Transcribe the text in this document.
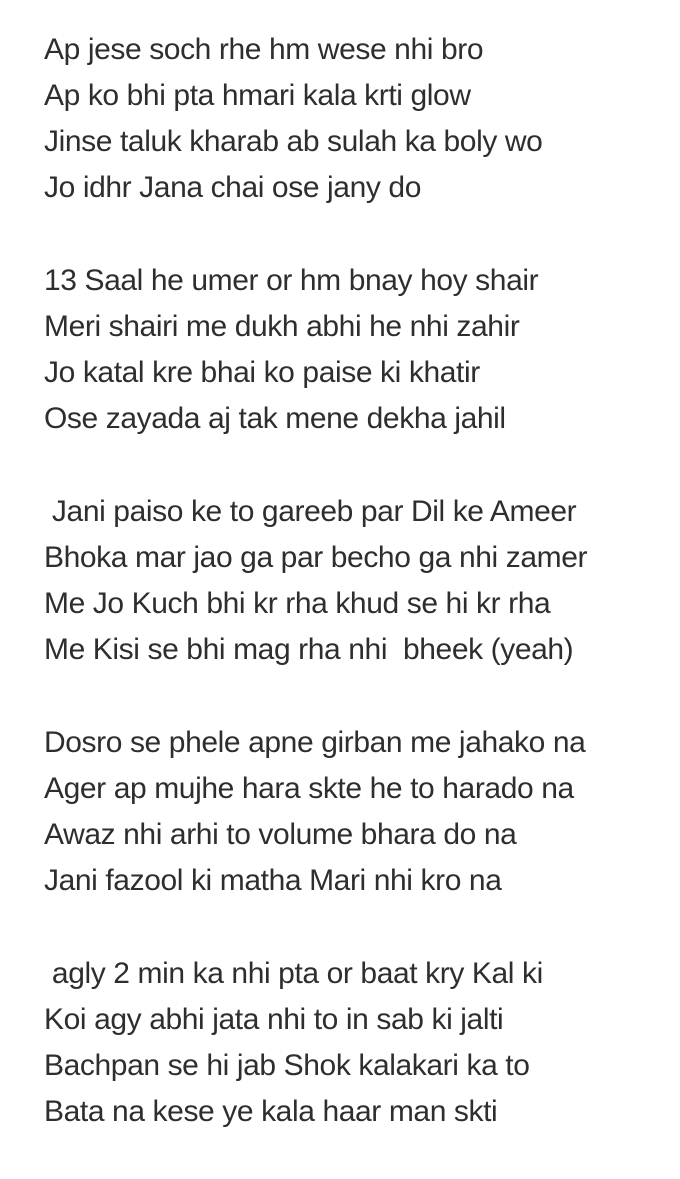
Ap jese soch rhe hm wese nhi bro
Ap ko bhi pta hmari kala krti glow
Jinse taluk kharab ab sulah ka boly wo
Jo idhr Jana chai ose jany do
13 Saal he umer or hm bnay hoy shair
Meri shairi me dukh abhi he nhi zahir
Jo katal kre bhai ko paise ki khatir
Ose zayada aj tak mene dekha jahil
Jani paiso ke to gareeb par Dil ke Ameer
Bhoka mar jao ga par becho ga nhi zamer
Me Jo Kuch bhi kr rha khud se hi kr rha
Me Kisi se bhi mag rha nhi  bheek (yeah)
Dosro se phele apne girban me jahako na
Ager ap mujhe hara skte he to harado na
Awaz nhi arhi to volume bhara do na
Jani fazool ki matha Mari nhi kro na
agly 2 min ka nhi pta or baat kry Kal ki
Koi agy abhi jata nhi to in sab ki jalti
Bachpan se hi jab Shok kalakari ka to
Bata na kese ye kala haar man skti
